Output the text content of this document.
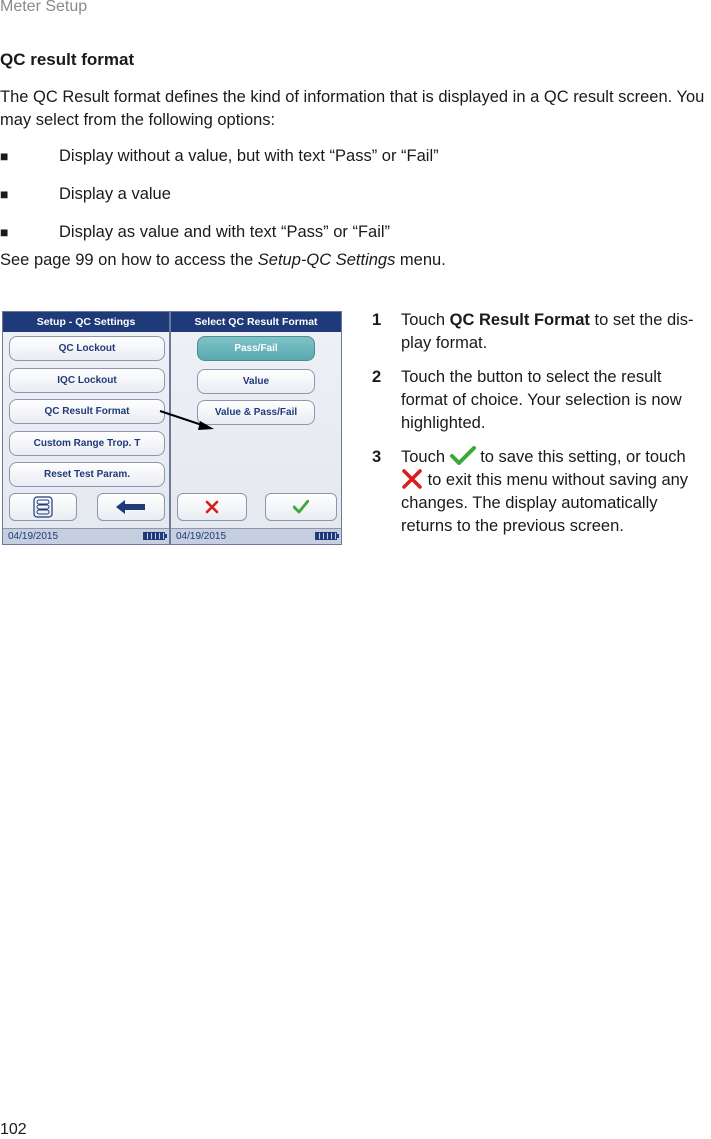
Meter Setup
QC result format
The QC Result format defines the kind of information that is displayed in a QC result screen. You may select from the following options:
■	Display without a value, but with text “Pass” or “Fail”
■	Display a value
■	Display as value and with text “Pass” or “Fail”
See page 99 on how to access the Setup-QC Settings menu.
Setup - QC Settings
QC Lockout
IQC Lockout
QC Result Format
Custom Range Trop. T
Reset Test Param.
04/19/2015
Select QC Result Format
Pass/Fail
Value
Value & Pass/Fail
04/19/2015
1 Touch QC Result Format to set the dis-play format.
2 Touch the button to select the result format of choice. Your selection is now highlighted.
3 Touch  to save this setting, or touch  to exit this menu without saving any changes. The display automatically returns to the previous screen.
102
